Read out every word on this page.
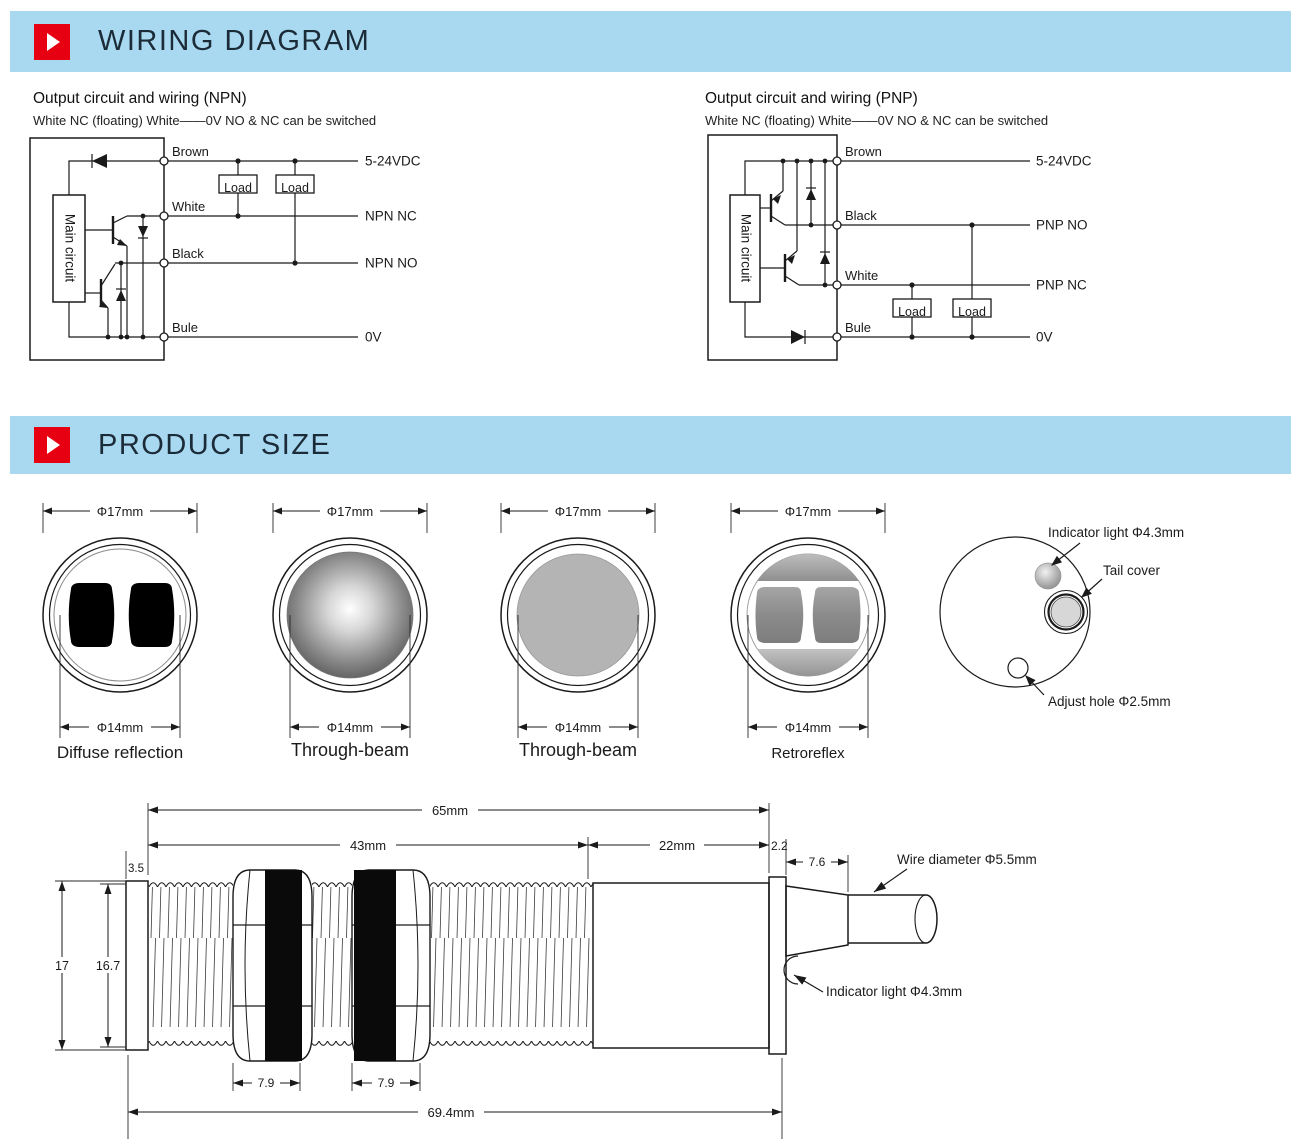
WIRING DIAGRAM
Output circuit and wiring (NPN)
White NC (floating) White——0V NO & NC can be switched
Output circuit and wiring (PNP)
White NC (floating) White——0V NO & NC can be switched
Main circuit
Load Load
Brown
White
Black
Bule
5-24VDC
NPN NC
NPN NO
0V
Main circuit
Load	Load
Brown
Black
White
Bule
5-24VDC
PNP NO
PNP NC
0V
PRODUCT SIZE
Φ17mm
Φ14mm
Diffuse reflection
Φ17mm
Φ14mm
Through-beam
Φ17mm
Φ14mm
Through-beam
Φ17mm
Φ14mm
Retroreflex
Indicator light Φ4.3mm
Tail cover
Adjust hole Φ2.5mm
65mm
43mm	22mm	2.2
3.5	7.6	Wire diameter Φ5.5mm
17 16.7
Indicator light Φ4.3mm
7.9	7.9
69.4mm
